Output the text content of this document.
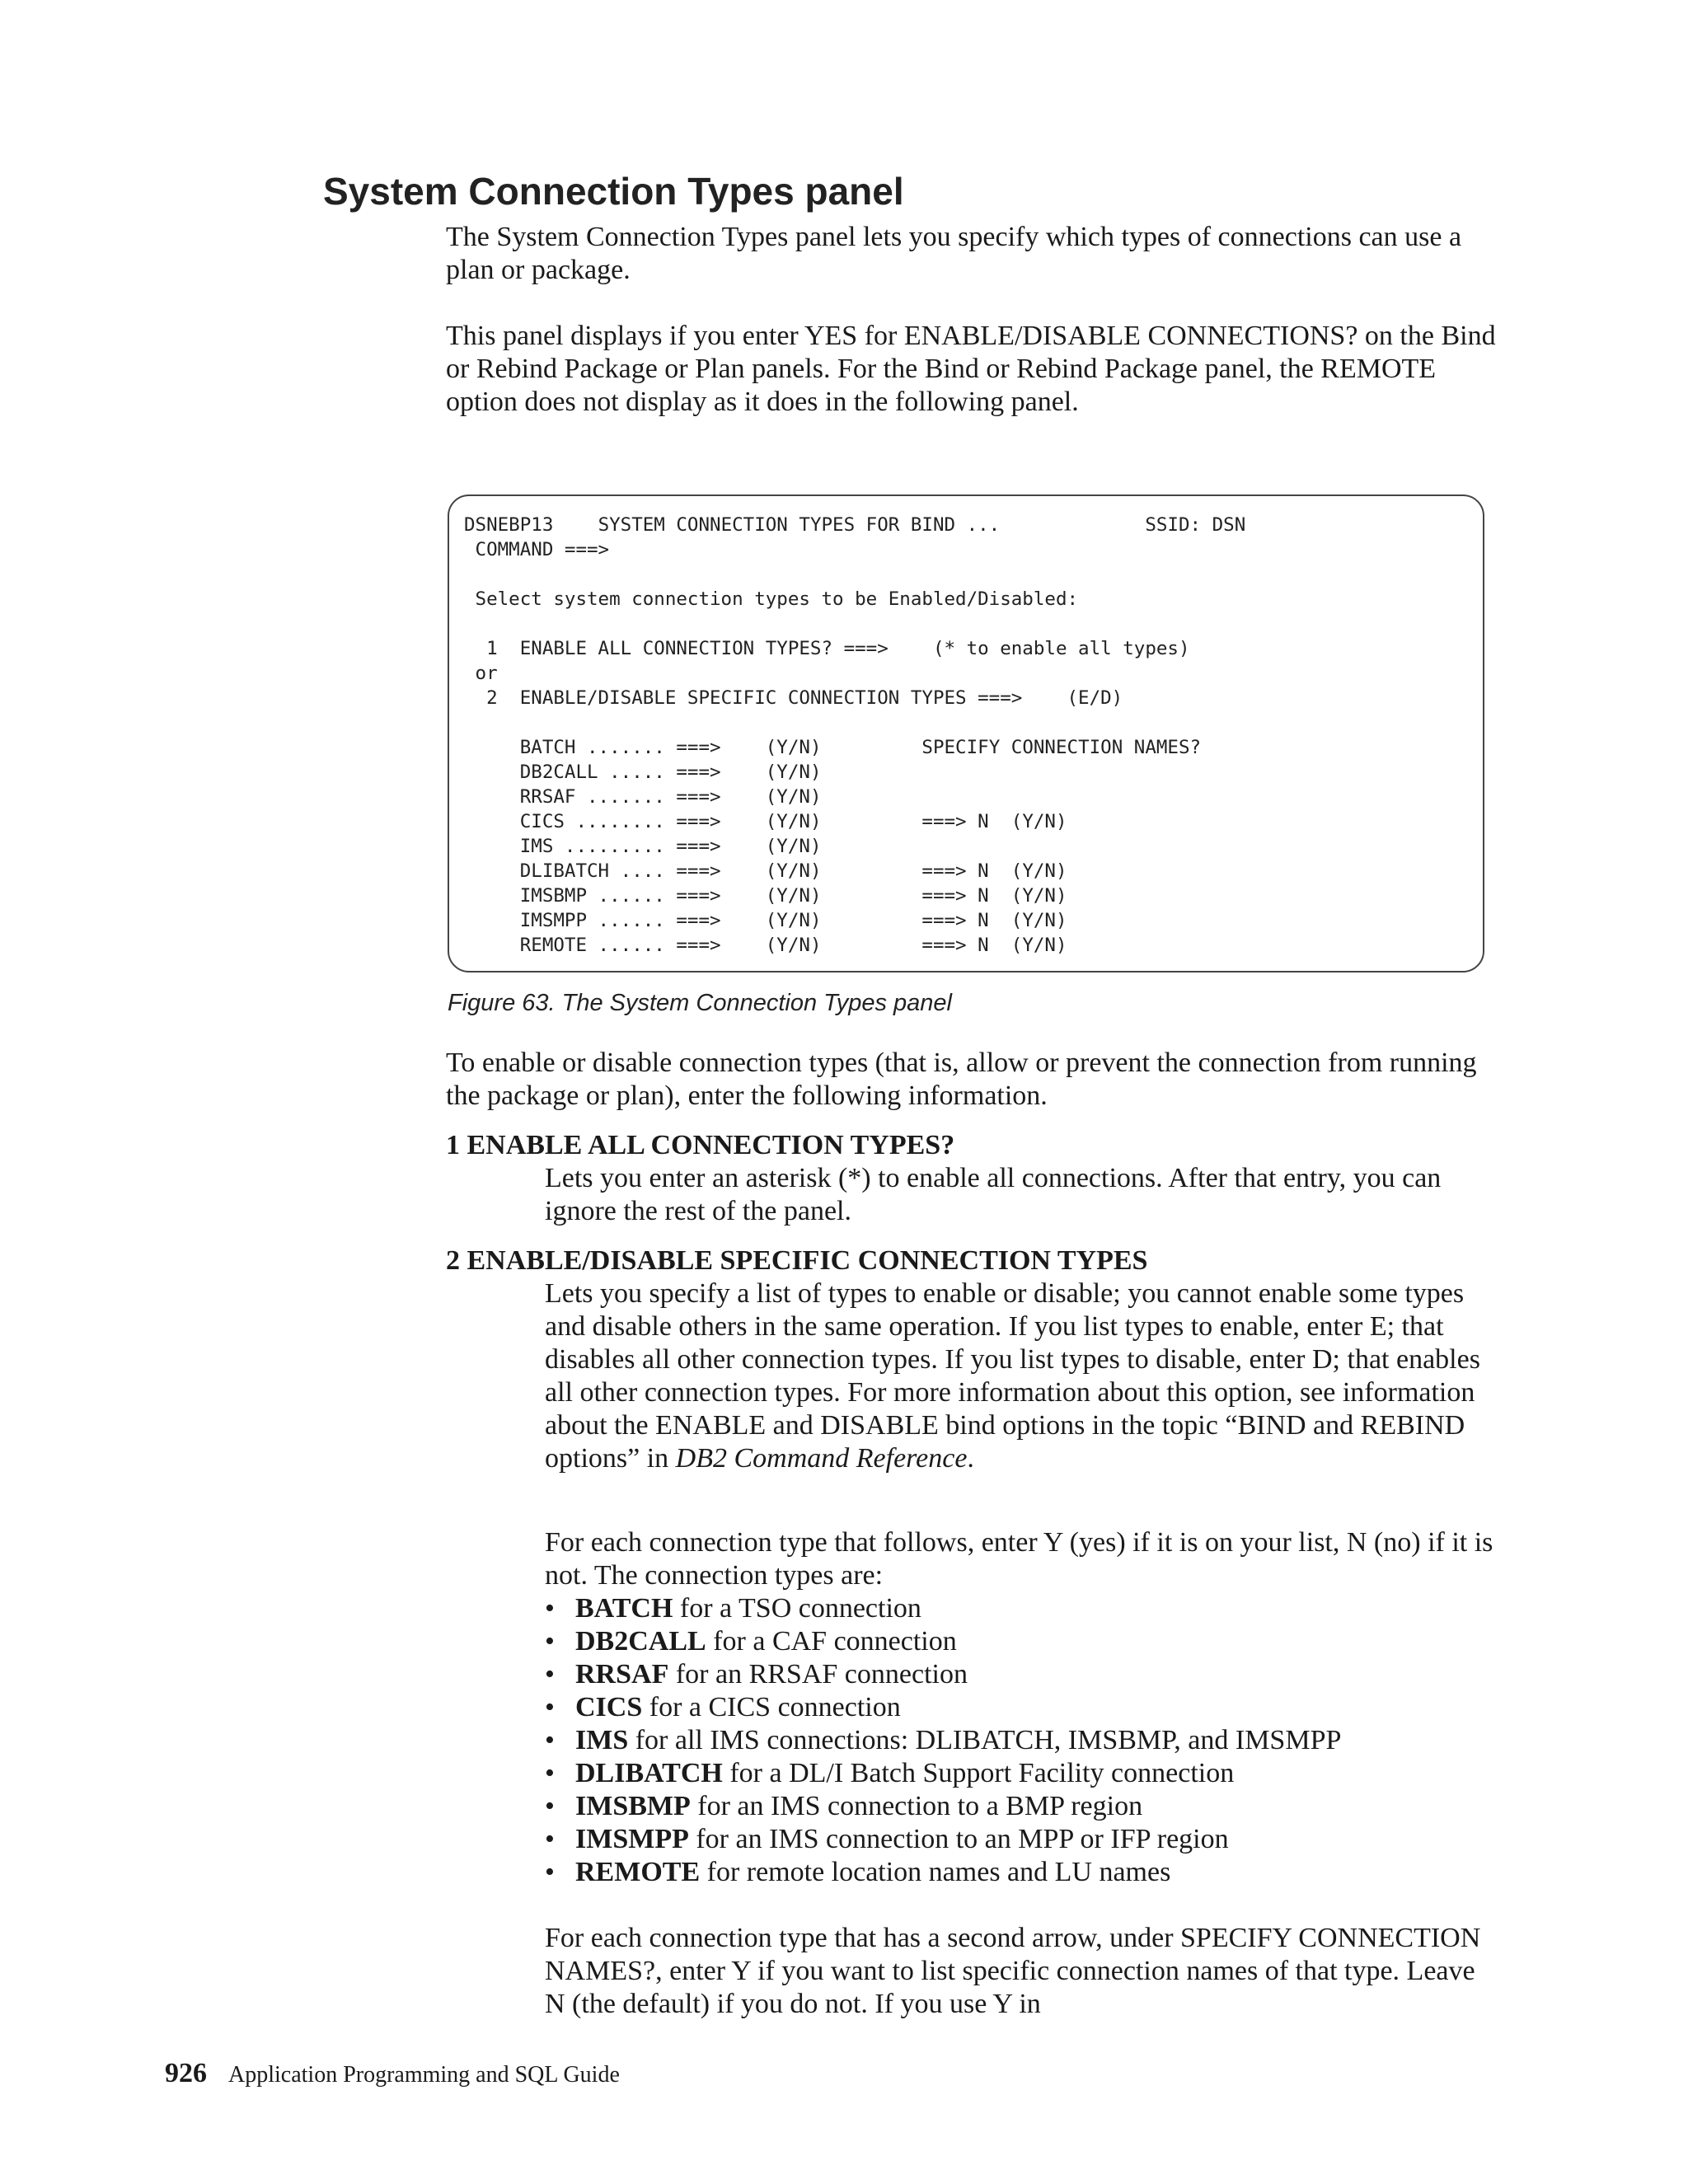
System Connection Types panel

The System Connection Types panel lets you specify which types of connections can use a plan or package.

This panel displays if you enter YES for ENABLE/DISABLE CONNECTIONS? on the Bind or Rebind Package or Plan panels. For the Bind or Rebind Package panel, the REMOTE option does not display as it does in the following panel.

DSNEBP13 SYSTEM CONNECTION TYPES FOR BIND ...	SSID: DSN
COMMAND ===>

Select system connection types to be Enabled/Disabled:

1  ENABLE ALL CONNECTION TYPES? ===>    (* to enable all types)
or
2  ENABLE/DISABLE SPECIFIC CONNECTION TYPES ===>    (E/D)

BATCH ....... ===> (Y/N)	SPECIFY CONNECTION NAMES?
DB2CALL ..... ===> (Y/N)
RRSAF ....... ===> (Y/N)
CICS ........ ===> (Y/N)	===> N  (Y/N)
IMS ......... ===> (Y/N)
DLIBATCH .... ===> (Y/N)	===> N  (Y/N)
IMSBMP ...... ===> (Y/N)	===> N  (Y/N)
IMSMPP ...... ===> (Y/N)	===> N  (Y/N)
REMOTE ...... ===> (Y/N)	===> N  (Y/N)

Figure 63. The System Connection Types panel

To enable or disable connection types (that is, allow or prevent the connection from running the package or plan), enter the following information.

1 ENABLE ALL CONNECTION TYPES?

Lets you enter an asterisk (*) to enable all connections. After that entry, you can ignore the rest of the panel.

2 ENABLE/DISABLE SPECIFIC CONNECTION TYPES

Lets you specify a list of types to enable or disable; you cannot enable some types and disable others in the same operation. If you list types to enable, enter E; that disables all other connection types. If you list types to disable, enter D; that enables all other connection types. For more information about this option, see information about the ENABLE and DISABLE bind options in the topic “BIND and REBIND options” in DB2 Command Reference.

For each connection type that follows, enter Y (yes) if it is on your list, N (no) if it is not. The connection types are:

• BATCH for a TSO connection
• DB2CALL for a CAF connection
• RRSAF for an RRSAF connection
• CICS for a CICS connection
• IMS for all IMS connections: DLIBATCH, IMSBMP, and IMSMPP
• DLIBATCH for a DL/I Batch Support Facility connection
• IMSBMP for an IMS connection to a BMP region
• IMSMPP for an IMS connection to an MPP or IFP region
• REMOTE for remote location names and LU names

For each connection type that has a second arrow, under SPECIFY CONNECTION NAMES?, enter Y if you want to list specific connection names of that type. Leave N (the default) if you do not. If you use Y in

926 Application Programming and SQL Guide
